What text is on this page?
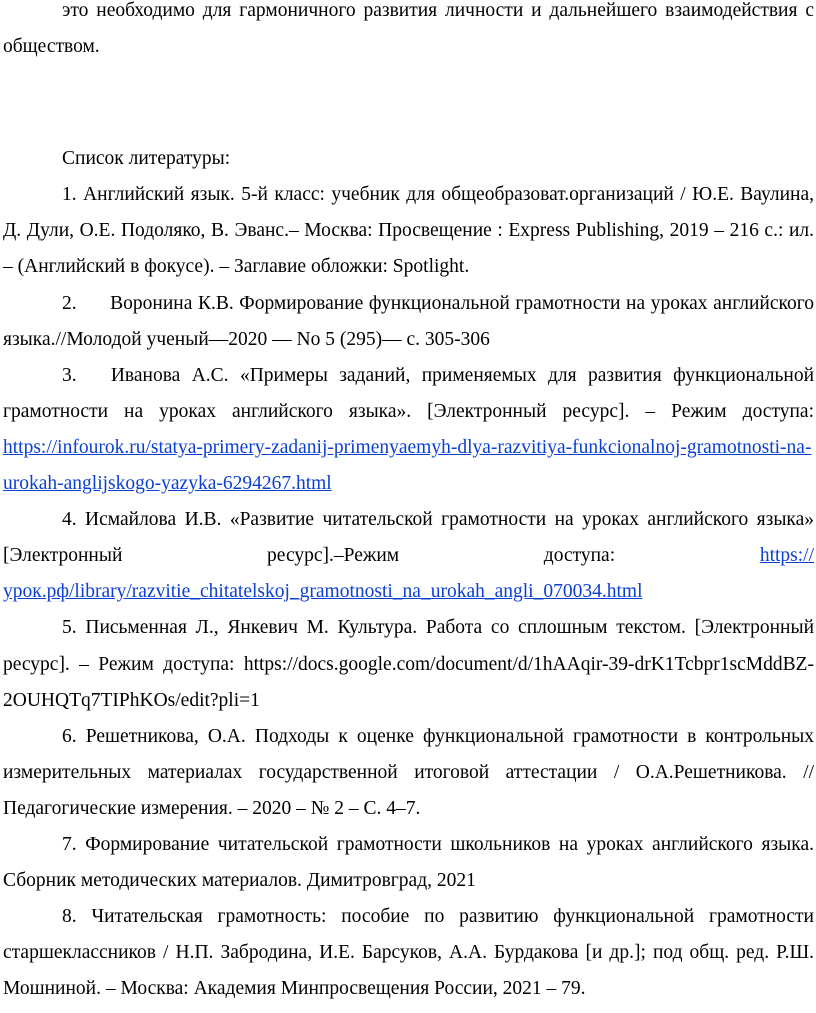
это необходимо для гармоничного развития личности и дальнейшего взаимодействия с обществом.

Список литературы:

1. Английский язык. 5-й класс: учебник для общеобразоват.организаций / Ю.Е. Ваулина, Д. Дули, О.Е. Подоляко, В. Эванс.– Москва: Просвещение : Express Publishing, 2019 – 216 с.: ил. – (Английский в фокусе). – Заглавие обложки: Spotlight.

2. Воронина К.В. Формирование функциональной грамотности на уроках английского языка.//Молодой ученый—2020 — No 5 (295)— с. 305-306

3. Иванова А.С. «Примеры заданий, применяемых для развития функциональной грамотности на уроках английского языка». [Электронный ресурс]. – Режим доступа: https://infourok.ru/statya-primery-zadanij-primenyaemyh-dlya-razvitiya-funkcionalnoj-gramotnosti-na-urokah-anglijskogo-yazyka-6294267.html

4. Исмайлова И.В. «Развитие читательской грамотности на уроках английского языка» [Электронный ресурс].–Режим доступа: https://урок.рф/library/razvitie_chitatelskoj_gramotnosti_na_urokah_angli_070034.html

5. Письменная Л., Янкевич М. Культура. Работа со сплошным текстом. [Электронный ресурс]. – Режим доступа: https://docs.google.com/document/d/1hAAqir-39-drK1Tcbpr1scMddBZ-2OUHQTq7TIPhKOs/edit?pli=1

6. Решетникова, О.А. Подходы к оценке функциональной грамотности в контрольных измерительных материалах государственной итоговой аттестации / О.А.Решетникова. // Педагогические измерения. – 2020 – № 2 – С. 4–7.

7. Формирование читательской грамотности школьников на уроках английского языка. Сборник методических материалов. Димитровград, 2021

8. Читательская грамотность: пособие по развитию функциональной грамотности старшеклассников / Н.П. Забродина, И.Е. Барсуков, А.А. Бурдакова [и др.]; под общ. ред. Р.Ш. Мошниной. – Москва: Академия Минпросвещения России, 2021 – 79.
